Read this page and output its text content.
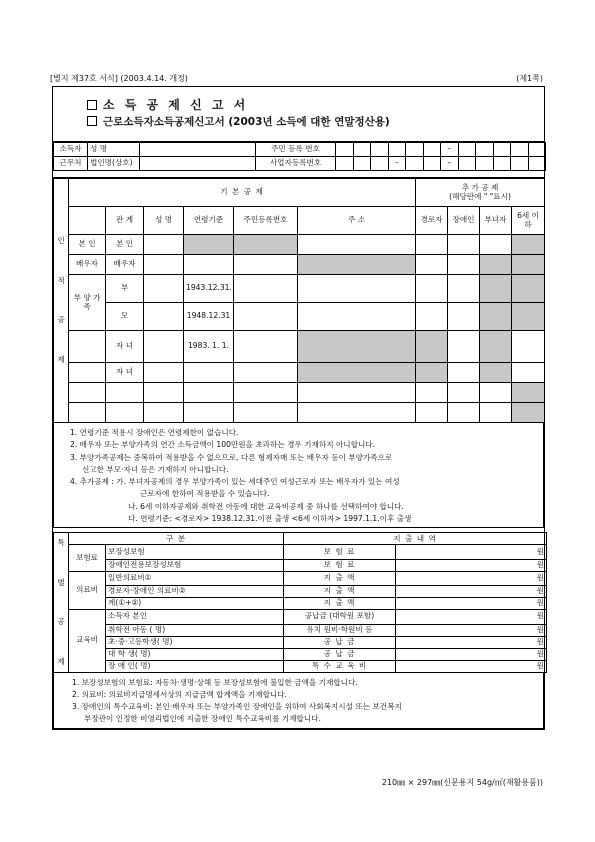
[별지 제37호 서식] (2003.4.14. 개정)	(제1쪽)
소 득 공 제 신 고 서
근로소득자소득공제신고서 (2003년 소득에 대한 연말정산용)
소득자	성 명		주민 등록 번호							–					
근무처	법인명(상호)		사업자등록번호				–			–					
인

적

공

제	기 본 공 제						추 가 공 제
(해당란에 " "표시)			
		관 계	성 명	연령기준	주민등록번호	주 소	경로자	장애인	부녀자	6세 이하
	본 인	본 인								
	배우자	배우자								
	부 양 가 족	부		1943.12.31.						
		모		1948.12.31						
		자 녀		1983. 1. 1.						
		자 녀								

1. 연령기준 적용시 장애인은 연령제한이 없습니다.
2. 배우자 또는 부양가족의 연간 소득금액이 100만원을 초과하는 경우 기재하지 아니합니다.
3. 부양가족공제는 중복하여 적용받을 수 없으므로, 다른 형제자매 또는 배우자 등이 부양가족으로
신고한 부모·자녀 등은 기재하지 아니합니다.
4. 추가공제 : 가. 부녀자공제의 경우 부양가족이 있는 세대주인 여성근로자 또는 배우자가 있는 여성
근로자에 한하여 적용받을 수 있습니다.
나. 6세 이하자공제와 취학전 아동에 대한 교육비공제 중 하나를 선택하여야 합니다.
다. 연령기준: <경로자> 1938.12.31.이전 출생 <6세 이하자> 1997.1.1.이후 출생
특

별

공

제	구 분		지 출 내 역	
	보험료	보장성보험	보 험 료	원
		장애인전용보장성보험	보 험 료	원
	의료비	일반의료비①	지 출 액	원
		경로자·장애인 의료비②	지 출 액	원
		계(①+②)	지 출 액	원
	교육비	소득자 본인	공납금 (대학원 포함)	원
		취학전 아동 ( 명)	유치 원비·학원비 등	원
		초·중·고등학생( 명)	공 납 금	원
		대 학 생( 명)	공 납 금	원
		장 애 인( 명)	특 수 교 육 비	원
1. 보장성보험의 보험료: 자동차·생명·상해 등 보장성보험에 불입한 금액을 기재합니다.
2. 의료비: 의료비지급명세서상의 지급금액 합계액을 기재합니다.
3. 장애인의 특수교육비: 본인·배우자 또는 부양가족인 장애인을 위하여 사회복지시설 또는 보건복지
부장관이 인정한 비영리법인에 지출한 장애인 특수교육비를 기재합니다.
210㎜ × 297㎜(신문용지 54g/㎡(재활용품))
